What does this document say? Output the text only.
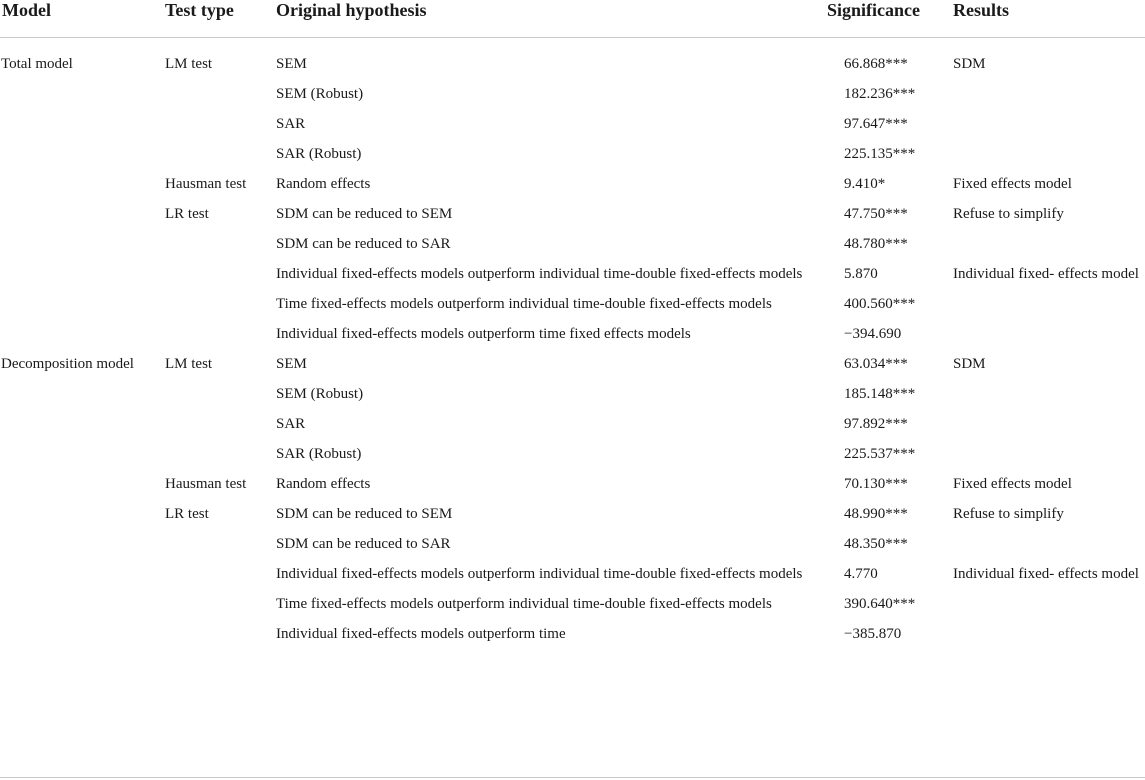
Model	Test type	Original hypothesis	Significance	Results
Total model	LM test	SEM	66.868***	SDM
		SEM (Robust)	182.236***	
		SAR	97.647***	
		SAR (Robust)	225.135***	
	Hausman test	Random effects	9.410*	Fixed effects model
	LR test	SDM can be reduced to SEM	47.750***	Refuse to simplify
		SDM can be reduced to SAR	48.780***	
		Individual fixed-effects models outperform individual time-double fixed-effects models	5.870	Individual fixed- effects model
		Time fixed-effects models outperform individual time-double fixed-effects models	400.560***	
		Individual fixed-effects models outperform time fixed effects models	−394.690	
Decomposition model	LM test	SEM	63.034***	SDM
		SEM (Robust)	185.148***	
		SAR	97.892***	
		SAR (Robust)	225.537***	
	Hausman test	Random effects	70.130***	Fixed effects model
	LR test	SDM can be reduced to SEM	48.990***	Refuse to simplify
		SDM can be reduced to SAR	48.350***	
		Individual fixed-effects models outperform individual time-double fixed-effects models	4.770	Individual fixed- effects model
		Time fixed-effects models outperform individual time-double fixed-effects models	390.640***	
		Individual fixed-effects models outperform time	−385.870	
